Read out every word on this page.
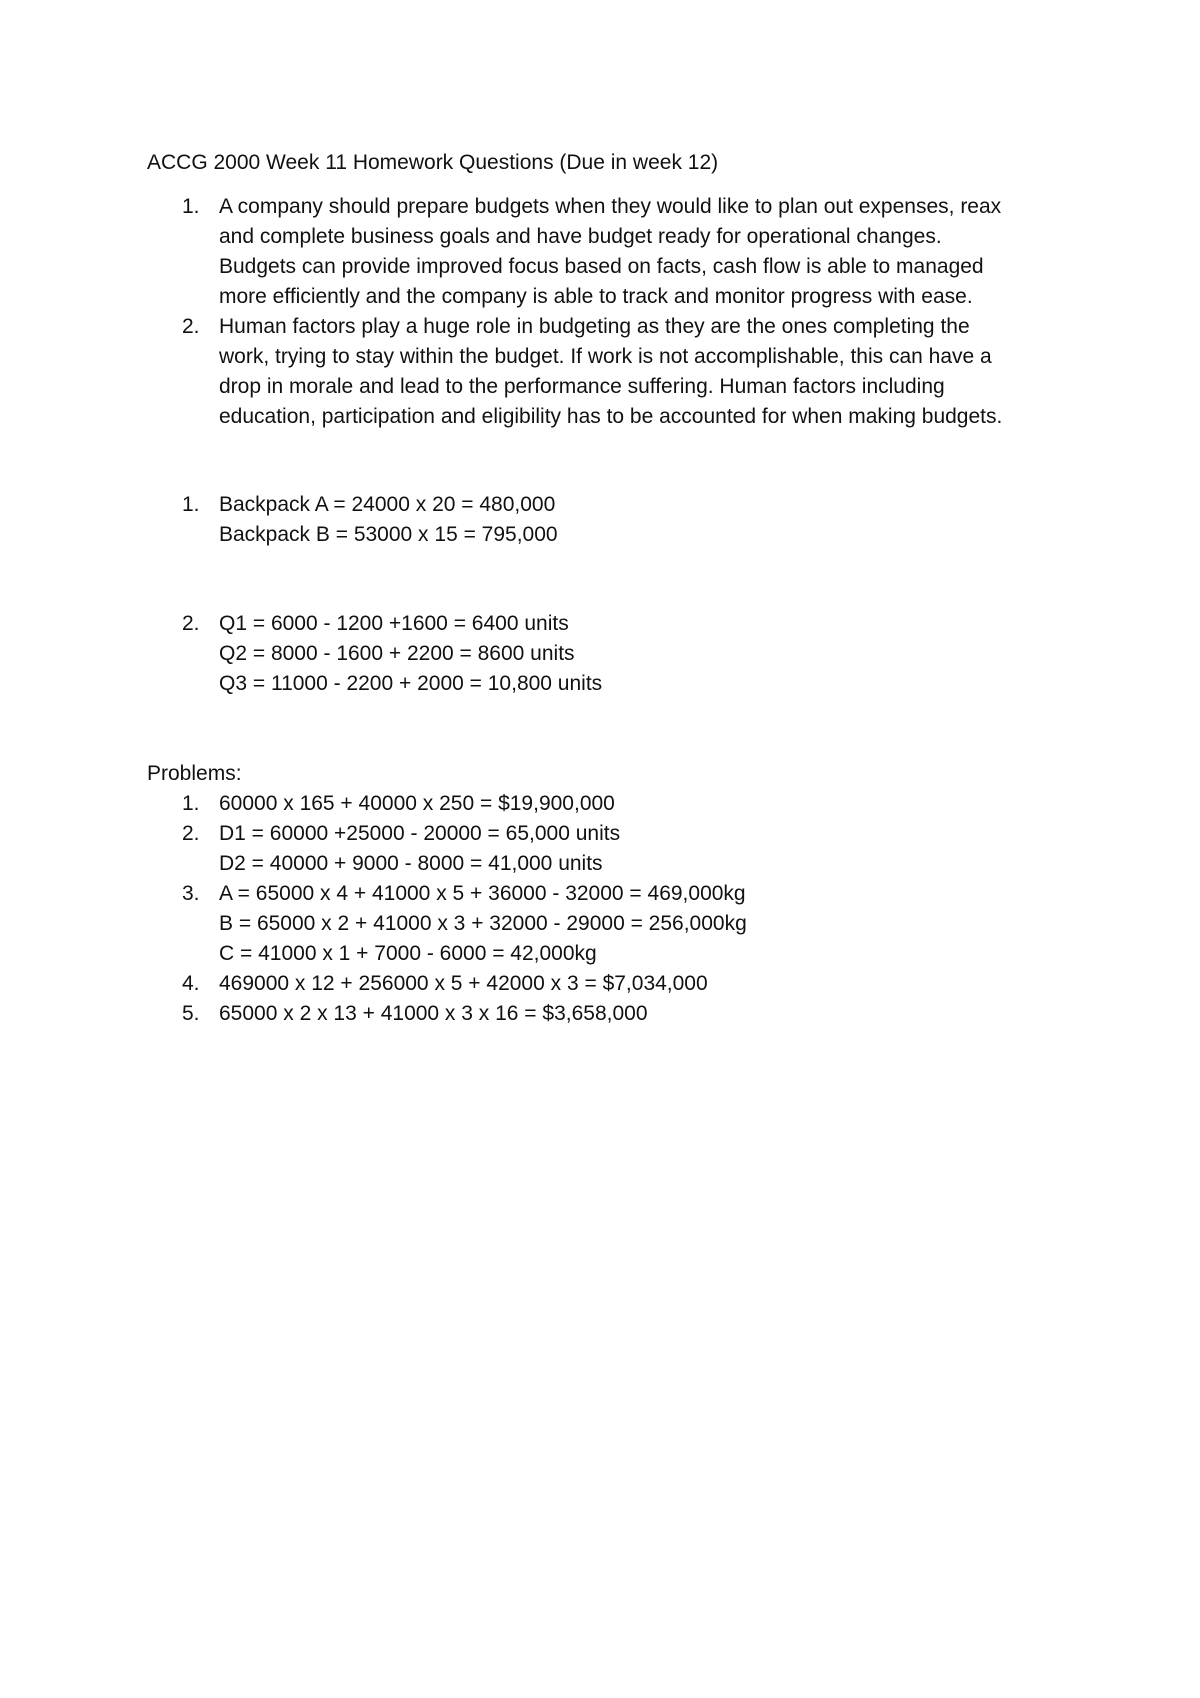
ACCG 2000 Week 11 Homework Questions (Due in week 12)
1. A company should prepare budgets when they would like to plan out expenses, reax
and complete business goals and have budget ready for operational changes.
Budgets can provide improved focus based on facts, cash flow is able to managed
more efficiently and the company is able to track and monitor progress with ease.
2. Human factors play a huge role in budgeting as they are the ones completing the
work, trying to stay within the budget. If work is not accomplishable, this can have a
drop in morale and lead to the performance suffering. Human factors including
education, participation and eligibility has to be accounted for when making budgets.
1. Backpack A = 24000 x 20 = 480,000
Backpack B = 53000 x 15 = 795,000
2. Q1 = 6000 - 1200 +1600 = 6400 units
Q2 = 8000 - 1600 + 2200 = 8600 units
Q3 = 11000 - 2200 + 2000 = 10,800 units
Problems:
1. 60000 x 165 + 40000 x 250 = $19,900,000
2. D1 = 60000 +25000 - 20000 = 65,000 units
D2 = 40000 + 9000 - 8000 = 41,000 units
3. A = 65000 x 4 + 41000 x 5 + 36000 - 32000 = 469,000kg
B = 65000 x 2 + 41000 x 3 + 32000 - 29000 = 256,000kg
C = 41000 x 1 + 7000 - 6000 = 42,000kg
4. 469000 x 12 + 256000 x 5 + 42000 x 3 = $7,034,000
5. 65000 x 2 x 13 + 41000 x 3 x 16 = $3,658,000
